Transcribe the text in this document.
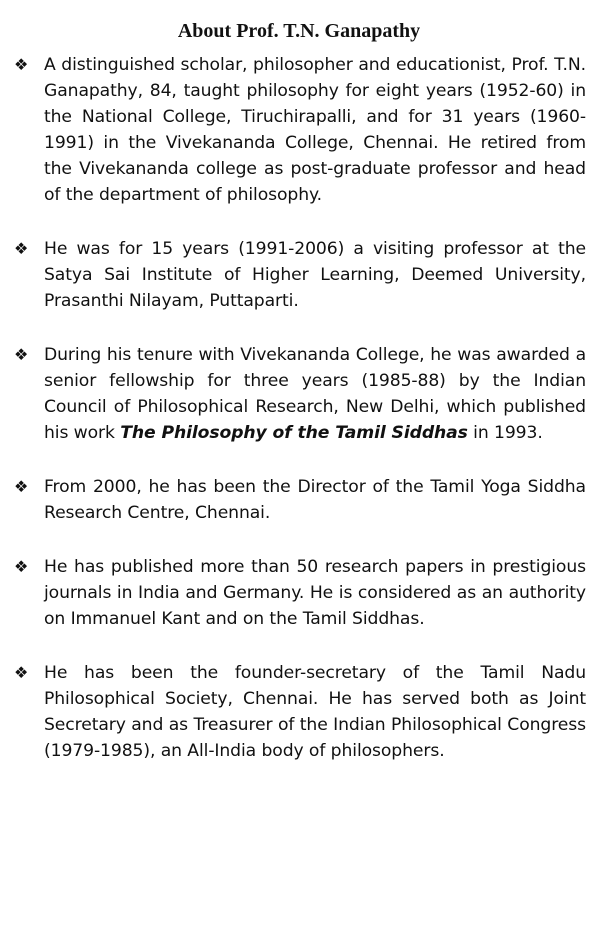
About Prof. T.N. Ganapathy
❖ A distinguished scholar, philosopher and educationist, Prof. T.N. Ganapathy, 84, taught philosophy for eight years (1952-60) in the National College, Tiruchirapalli, and for 31 years (1960-1991) in the Vivekananda College, Chennai. He retired from the Vivekananda college as post-graduate professor and head of the department of philosophy.
❖ He was for 15 years (1991-2006) a visiting professor at the Satya Sai Institute of Higher Learning, Deemed University, Prasanthi Nilayam, Puttaparti.
❖ During his tenure with Vivekananda College, he was awarded a senior fellowship for three years (1985-88) by the Indian Council of Philosophical Research, New Delhi, which published his work The Philosophy of the Tamil Siddhas in 1993.
❖ From 2000, he has been the Director of the Tamil Yoga Siddha Research Centre, Chennai.
❖ He has published more than 50 research papers in prestigious journals in India and Germany. He is considered as an authority on Immanuel Kant and on the Tamil Siddhas.
❖ He has been the founder-secretary of the Tamil Nadu Philosophical Society, Chennai. He has served both as Joint Secretary and as Treasurer of the Indian Philosophical Congress (1979-1985), an All-India body of philosophers.
